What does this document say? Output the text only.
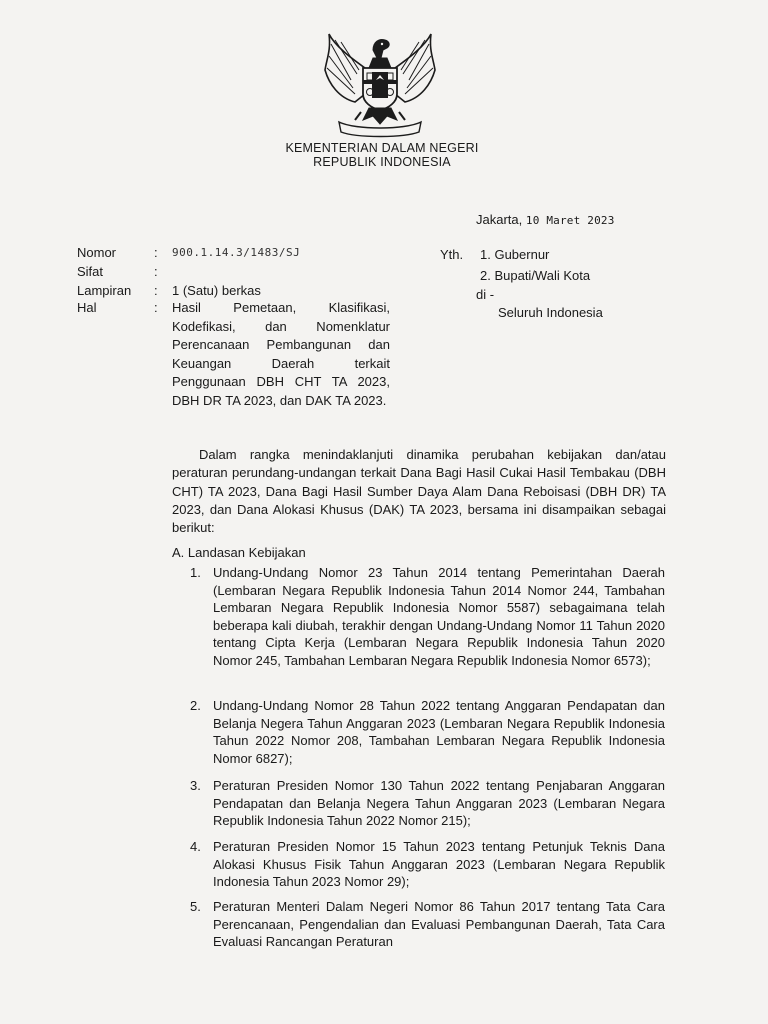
KEMENTERIAN DALAM NEGERI
REPUBLIK INDONESIA
Jakarta, 10 Maret 2023
Nomor	: 900.1.14.3/1483/SJ
Sifat	:
Lampiran : 1 (Satu) berkas
Hal	: Hasil Pemetaan, Klasifikasi, Kodefikasi, dan Nomenklatur Perencanaan Pembangunan dan Keuangan Daerah terkait Penggunaan DBH CHT TA 2023, DBH DR TA 2023, dan DAK TA 2023.
Yth. 1. Gubernur
2. Bupati/Wali Kota
di -
Seluruh Indonesia
Dalam rangka menindaklanjuti dinamika perubahan kebijakan dan/atau peraturan perundang-undangan terkait Dana Bagi Hasil Cukai Hasil Tembakau (DBH CHT) TA 2023, Dana Bagi Hasil Sumber Daya Alam Dana Reboisasi (DBH DR) TA 2023, dan Dana Alokasi Khusus (DAK) TA 2023, bersama ini disampaikan sebagai berikut:
A. Landasan Kebijakan
1. Undang-Undang Nomor 23 Tahun 2014 tentang Pemerintahan Daerah (Lembaran Negara Republik Indonesia Tahun 2014 Nomor 244, Tambahan Lembaran Negara Republik Indonesia Nomor 5587) sebagaimana telah beberapa kali diubah, terakhir dengan Undang-Undang Nomor 11 Tahun 2020 tentang Cipta Kerja (Lembaran Negara Republik Indonesia Tahun 2020 Nomor 245, Tambahan Lembaran Negara Republik Indonesia Nomor 6573);
2. Undang-Undang Nomor 28 Tahun 2022 tentang Anggaran Pendapatan dan Belanja Negera Tahun Anggaran 2023 (Lembaran Negara Republik Indonesia Tahun 2022 Nomor 208, Tambahan Lembaran Negara Republik Indonesia Nomor 6827);
3. Peraturan Presiden Nomor 130 Tahun 2022 tentang Penjabaran Anggaran Pendapatan dan Belanja Negera Tahun Anggaran 2023 (Lembaran Negara Republik Indonesia Tahun 2022 Nomor 215);
4. Peraturan Presiden Nomor 15 Tahun 2023 tentang Petunjuk Teknis Dana Alokasi Khusus Fisik Tahun Anggaran 2023 (Lembaran Negara Republik Indonesia Tahun 2023 Nomor 29);
5. Peraturan Menteri Dalam Negeri Nomor 86 Tahun 2017 tentang Tata Cara Perencanaan, Pengendalian dan Evaluasi Pembangunan Daerah, Tata Cara Evaluasi Rancangan Peraturan
